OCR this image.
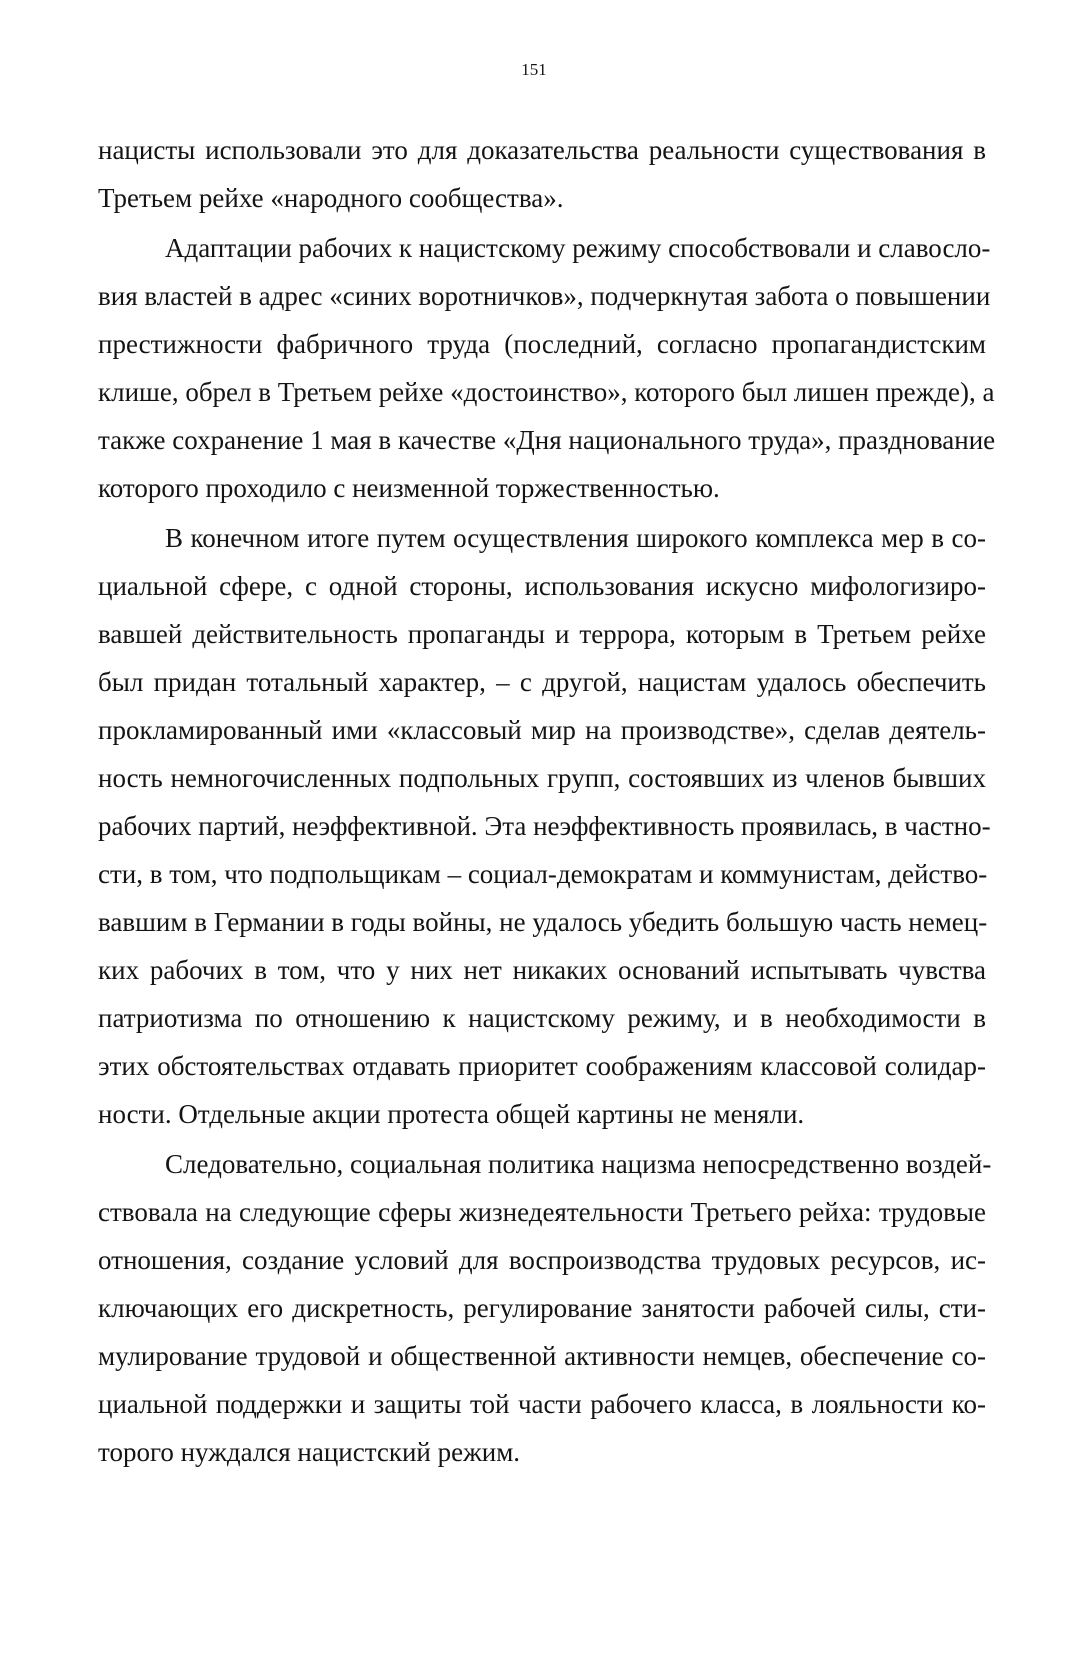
151

нацисты использовали это для доказательства реальности существования в
Третьем рейхе «народного сообщества».
Адаптации рабочих к нацистскому режиму способствовали и славосло-
вия властей в адрес «синих воротничков», подчеркнутая забота о повышении
престижности фабричного труда (последний, согласно пропагандистским
клише, обрел в Третьем рейхе «достоинство», которого был лишен прежде), а
также сохранение 1 мая в качестве «Дня национального труда», празднование
которого проходило с неизменной торжественностью.
В конечном итоге путем осуществления широкого комплекса мер в со-
циальной сфере, с одной стороны, использования искусно мифологизиро-
вавшей действительность пропаганды и террора, которым в Третьем рейхе
был придан тотальный характер, – с другой, нацистам удалось обеспечить
прокламированный ими «классовый мир на производстве», сделав деятель-
ность немногочисленных подпольных групп, состоявших из членов бывших
рабочих партий, неэффективной. Эта неэффективность проявилась, в частно-
сти, в том, что подпольщикам – социал-демократам и коммунистам, действо-
вавшим в Германии в годы войны, не удалось убедить большую часть немец-
ких рабочих в том, что у них нет никаких оснований испытывать чувства
патриотизма по отношению к нацистскому режиму, и в необходимости в
этих обстоятельствах отдавать приоритет соображениям классовой солидар-
ности. Отдельные акции протеста общей картины не меняли.
Следовательно, социальная политика нацизма непосредственно воздей-
ствовала на следующие сферы жизнедеятельности Третьего рейха: трудовые
отношения, создание условий для воспроизводства трудовых ресурсов, ис-
ключающих его дискретность, регулирование занятости рабочей силы, сти-
мулирование трудовой и общественной активности немцев, обеспечение со-
циальной поддержки и защиты той части рабочего класса, в лояльности ко-
торого нуждался нацистский режим.
